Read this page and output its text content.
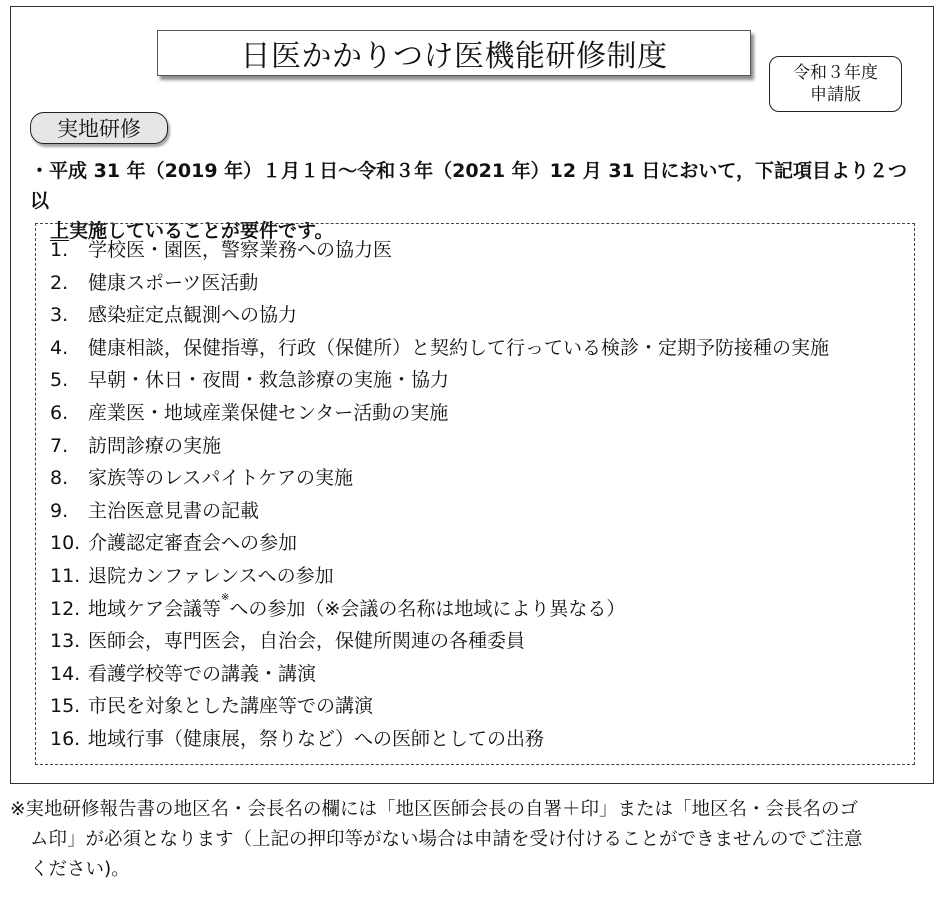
日医かかりつけ医機能研修制度	令和３年度
申請版
実地研修
・平成 31 年（2019 年）１月１日～令和３年（2021 年）12 月 31 日において，下記項目より２つ以
上実施していることが要件です。
1.	学校医・園医，警察業務への協力医
2.	健康スポーツ医活動
3.	感染症定点観測への協力
4.	健康相談，保健指導，行政（保健所）と契約して行っている検診・定期予防接種の実施
5.	早朝・休日・夜間・救急診療の実施・協力
6.	産業医・地域産業保健センター活動の実施
7.	訪問診療の実施
8.	家族等のレスパイトケアの実施
9.	主治医意見書の記載
10. 介護認定審査会への参加
11. 退院カンファレンスへの参加
12. 地域ケア会議等※への参加（※会議の名称は地域により異なる）
13. 医師会，専門医会，自治会，保健所関連の各種委員
14. 看護学校等での講義・講演
15. 市民を対象とした講座等での講演
16. 地域行事（健康展，祭りなど）への医師としての出務
※実地研修報告書の地区名・会長名の欄には「地区医師会長の自署＋印」または「地区名・会長名のゴ
ム印」が必須となります（上記の押印等がない場合は申請を受け付けることができませんのでご注意
ください)。
